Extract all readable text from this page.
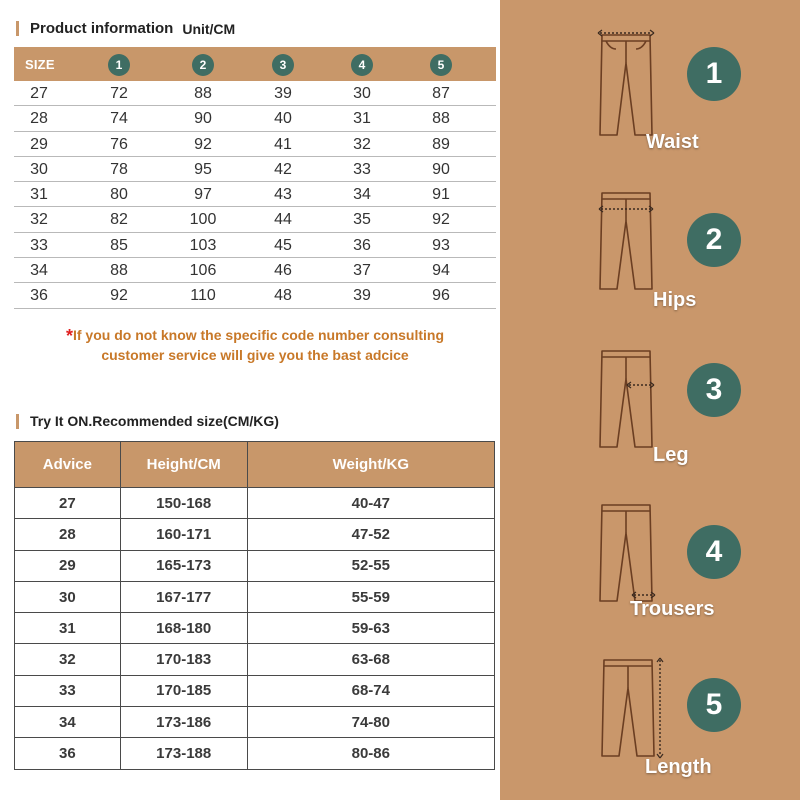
Product information Unit/CM
SIZE	1	2	3	4	5
27	72	88	39	30	87
28	74	90	40	31	88
29	76	92	41	32	89
30	78	95	42	33	90
31	80	97	43	34	91
32	82	100	44	35	92
33	85	103	45	36	93
34	88	106	46	37	94
36	92	110	48	39	96
*If you do not know the specific code number consulting
customer service will give you the bast adcice
Try It ON.Recommended size(CM/KG)
Advice	Height/CM	Weight/KG
27	150-168	40-47
28	160-171	47-52
29	165-173	52-55
30	167-177	55-59
31	168-180	59-63
32	170-183	63-68
33	170-185	68-74
34	173-186	74-80
36	173-188	80-86
1
Waist
2
Hips
3
Leg
4
Trousers
5
Length
